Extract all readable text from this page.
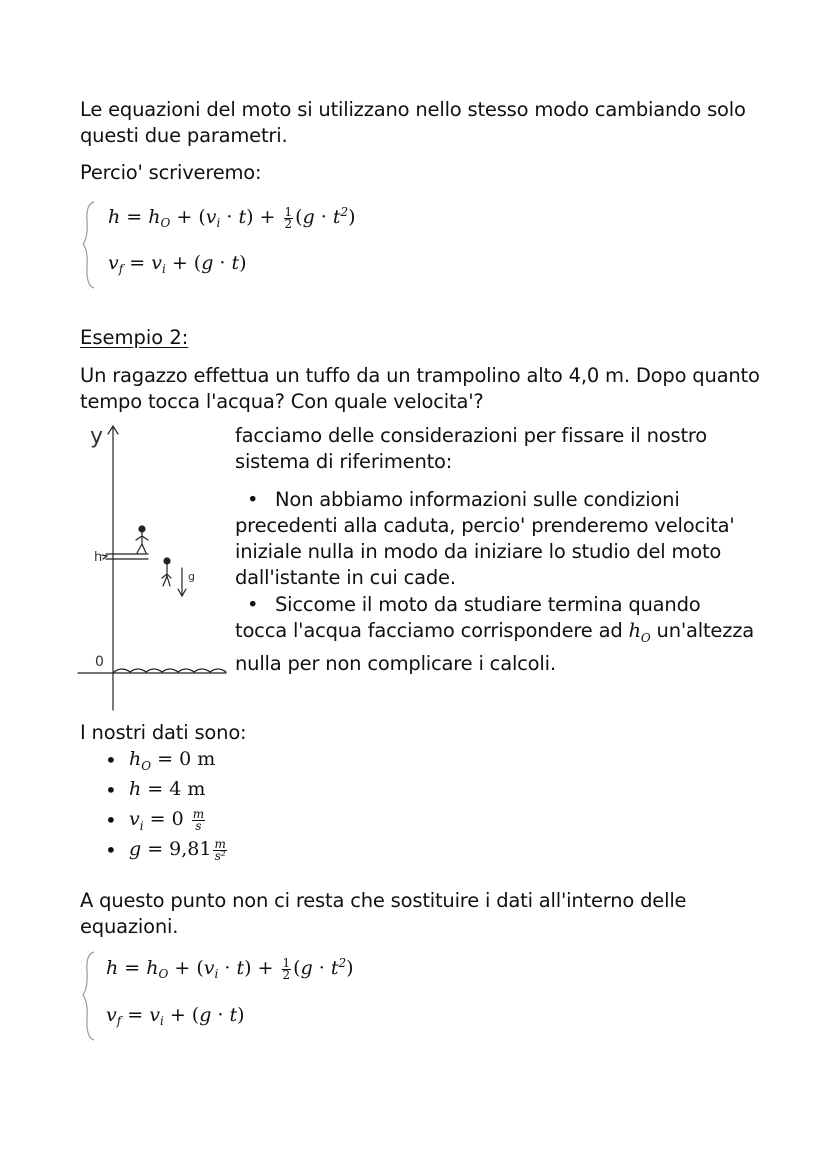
Le equazioni del moto si utilizzano nello stesso modo cambiando solo questi due parametri.
Percio' scriveremo:
$h = h_O + (v_i \cdot t) + \frac{1}{2} (g \cdot t^2)$
$v_f = v_i + (g \cdot t)$
Esempio 2:
Un ragazzo effettua un tuffo da un trampolino alto 4,0 m. Dopo quanto tempo tocca l'acqua? Con quale velocita'?
y
h
0
g
facciamo delle considerazioni per fissare il nostro sistema di riferimento:
• Non abbiamo informazioni sulle condizioni precedenti alla caduta, percio' prenderemo velocita' iniziale nulla in modo da iniziare lo studio del moto dall'istante in cui cade.
• Siccome il moto da studiare termina quando tocca l'acqua facciamo corrispondere ad $h_O$ un'altezza nulla per non complicare i calcoli.
I nostri dati sono:
• $h_O = 0$ m
• h = 4 m
• $v_i = 0 \frac{m}{s}$
• $g = 9,81 \frac{m}{\text{s²}}$
A questo punto non ci resta che sostituire i dati all'interno delle equazioni.
$h = h_O + (v_i \cdot t) + \frac{1}{2} (g \cdot t^2)$
$v_f = v_i + (g \cdot t)$
